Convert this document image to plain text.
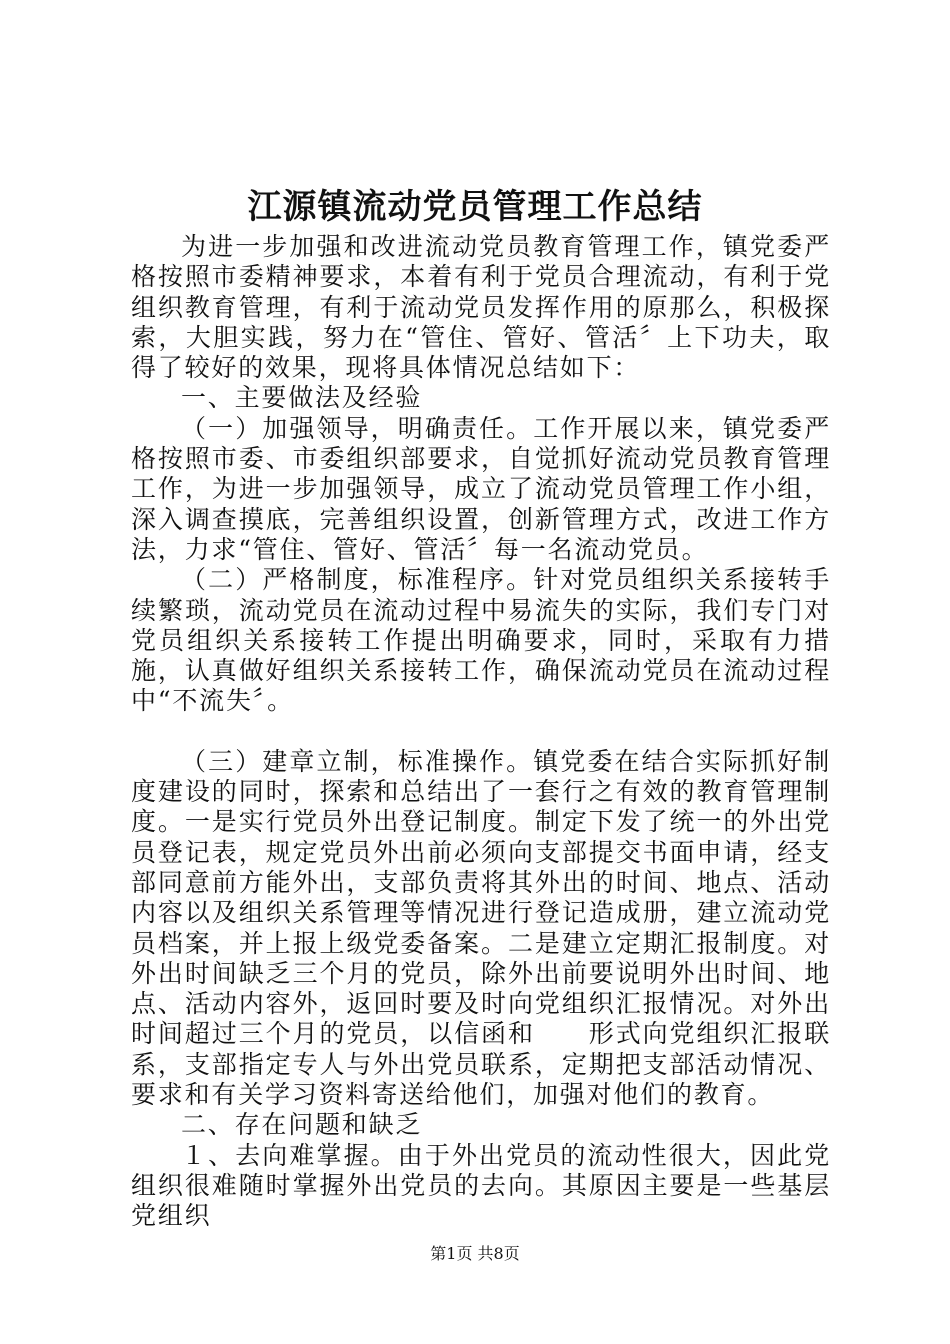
江源镇流动党员管理工作总结

为进一步加强和改进流动党员教育管理工作，镇党委严格按照市委精神要求，本着有利于党员合理流动，有利于党组织教育管理，有利于流动党员发挥作用的原那么，积极探索，大胆实践，努力在“管住、管好、管活〞上下功夫，取得了较好的效果，现将具体情况总结如下：

一、主要做法及经验

（一）加强领导，明确责任。工作开展以来，镇党委严格按照市委、市委组织部要求，自觉抓好流动党员教育管理工作，为进一步加强领导，成立了流动党员管理工作小组，深入调查摸底，完善组织设置，创新管理方式，改进工作方法，力求“管住、管好、管活〞每一名流动党员。

（二）严格制度，标准程序。针对党员组织关系接转手续繁琐，流动党员在流动过程中易流失的实际，我们专门对党员组织关系接转工作提出明确要求，同时，采取有力措施，认真做好组织关系接转工作，确保流动党员在流动过程中“不流失〞。

（三）建章立制，标准操作。镇党委在结合实际抓好制度建设的同时，探索和总结出了一套行之有效的教育管理制度。一是实行党员外出登记制度。制定下发了统一的外出党员登记表，规定党员外出前必须向支部提交书面申请，经支部同意前方能外出，支部负责将其外出的时间、地点、活动内容以及组织关系管理等情况进行登记造成册，建立流动党员档案，并上报上级党委备案。二是建立定期汇报制度。对外出时间缺乏三个月的党员，除外出前要说明外出时间、地点、活动内容外，返回时要及时向党组织汇报情况。对外出时间超过三个月的党员，以信函和　　形式向党组织汇报联系，支部指定专人与外出党员联系，定期把支部活动情况、要求和有关学习资料寄送给他们，加强对他们的教育。

二、存在问题和缺乏

１、去向难掌握。由于外出党员的流动性很大，因此党组织很难随时掌握外出党员的去向。其原因主要是一些基层党组织

第1页 共8页
